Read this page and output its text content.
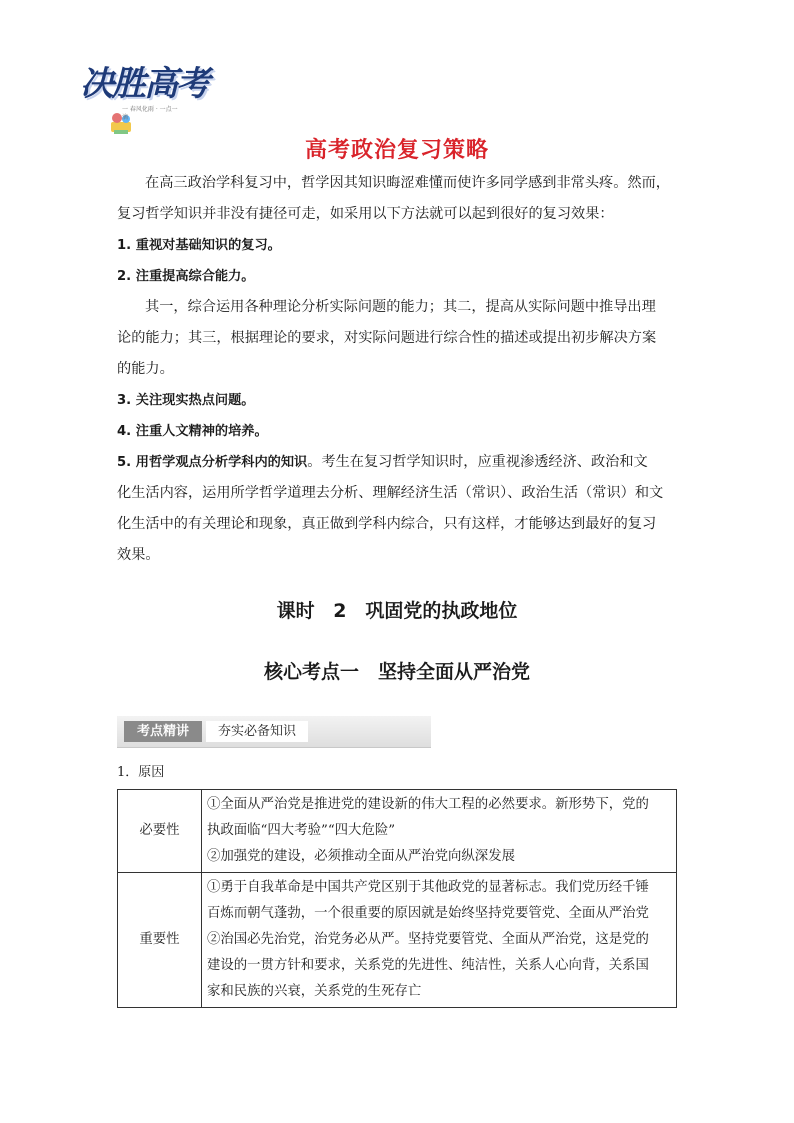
决胜高考
一 春风化雨 · 一点一滴
高考政治复习策略
在高三政治学科复习中，哲学因其知识晦涩难懂而使许多同学感到非常头疼。然而，
复习哲学知识并非没有捷径可走，如采用以下方法就可以起到很好的复习效果：
1. 重视对基础知识的复习。
2. 注重提高综合能力。
其一，综合运用各种理论分析实际问题的能力；其二，提高从实际问题中推导出理
论的能力；其三，根据理论的要求，对实际问题进行综合性的描述或提出初步解决方案
的能力。
3. 关注现实热点问题。
4. 注重人文精神的培养。
5. 用哲学观点分析学科内的知识。考生在复习哲学知识时，应重视渗透经济、政治和文
化生活内容，运用所学哲学道理去分析、理解经济生活（常识）、政治生活（常识）和文
化生活中的有关理论和现象，真正做到学科内综合，只有这样，才能够达到最好的复习
效果。
课时 2　巩固党的执政地位
核心考点一　坚持全面从严治党
考点精讲	夯实必备知识
1．原因
必要性	①全面从严治党是推进党的建设新的伟大工程的必然要求。新形势下，党的
执政面临“四大考验”“四大危险”
②加强党的建设，必须推动全面从严治党向纵深发展

重要性	①勇于自我革命是中国共产党区别于其他政党的显著标志。我们党历经千锤
百炼而朝气蓬勃，一个很重要的原因就是始终坚持党要管党、全面从严治党
②治国必先治党，治党务必从严。坚持党要管党、全面从严治党，这是党的
建设的一贯方针和要求，关系党的先进性、纯洁性，关系人心向背，关系国
家和民族的兴衰，关系党的生死存亡
